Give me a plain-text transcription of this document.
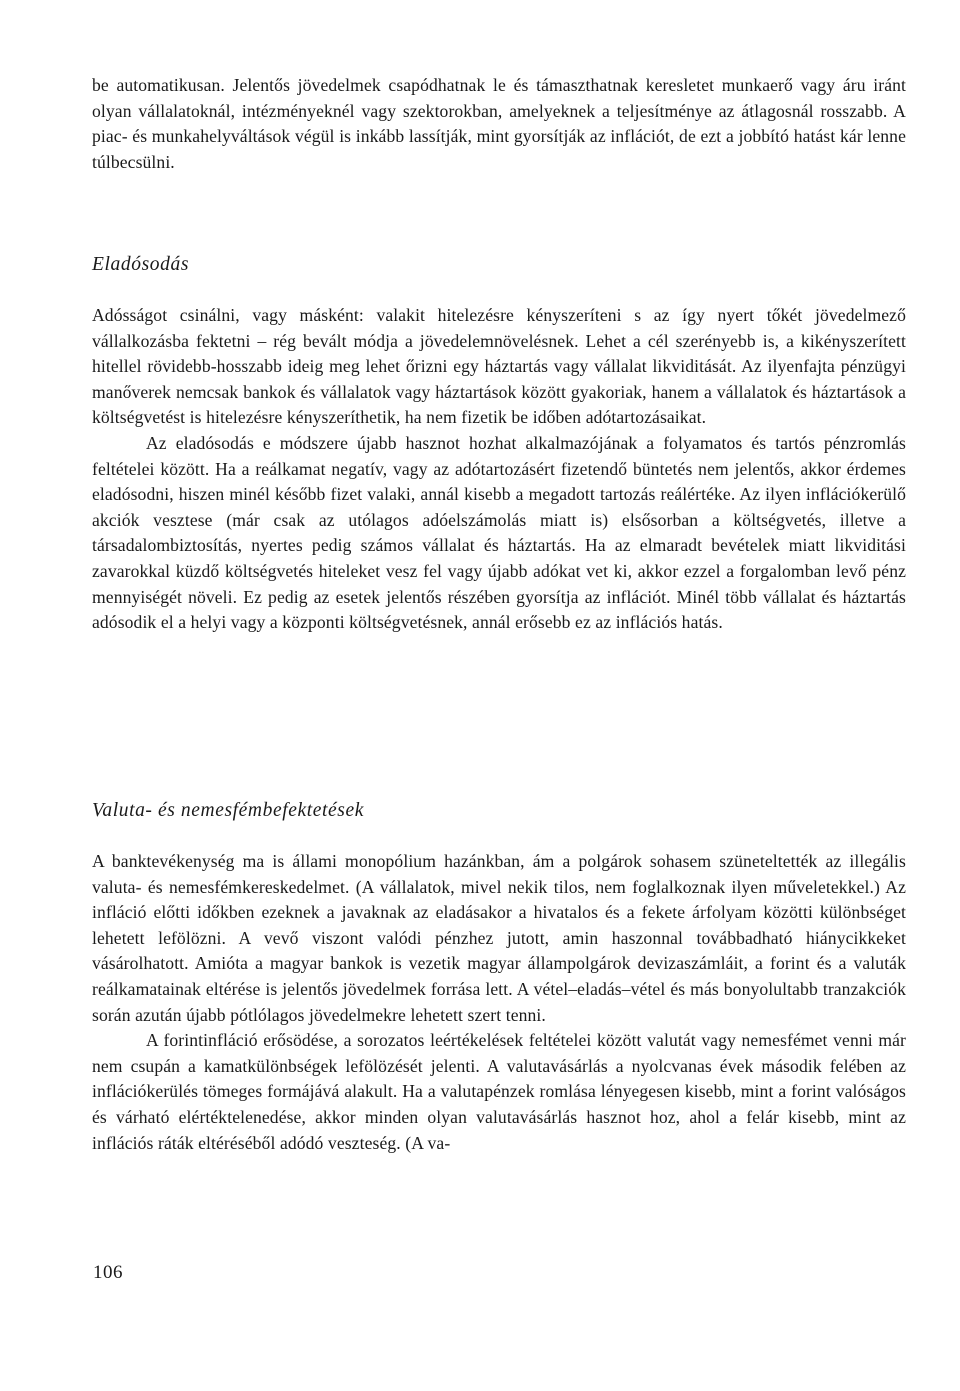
be automatikusan. Jelentős jövedelmek csapódhatnak le és támaszthatnak keresletet munkaerő vagy áru iránt olyan vállalatoknál, intézményeknél vagy szektorokban, amelyeknek a teljesítménye az átlagosnál rosszabb. A piac- és munkahelyváltások végül is inkább lassítják, mint gyorsítják az inflációt, de ezt a jobbító hatást kár lenne túlbecsülni.

Eladósodás

Adósságot csinálni, vagy másként: valakit hitelezésre kényszeríteni s az így nyert tőkét jövedelmező vállalkozásba fektetni – rég bevált módja a jövedelemnövelésnek. Lehet a cél szerényebb is, a kikényszerített hitellel rövidebb-hosszabb ideig meg lehet őrizni egy háztartás vagy vállalat likviditását. Az ilyenfajta pénzügyi manőverek nemcsak bankok és vállalatok vagy háztartások között gyakoriak, hanem a vállalatok és háztartások a költségvetést is hitelezésre kényszeríthetik, ha nem fizetik be időben adótartozásaikat.

Az eladósodás e módszere újabb hasznot hozhat alkalmazójának a folyamatos és tartós pénzromlás feltételei között. Ha a reálkamat negatív, vagy az adótartozásért fizetendő büntetés nem jelentős, akkor érdemes eladósodni, hiszen minél később fizet valaki, annál kisebb a megadott tartozás reálértéke. Az ilyen inflációkerülő akciók vesztese (már csak az utólagos adóelszámolás miatt is) elsősorban a költségvetés, illetve a társadalombiztosítás, nyertes pedig számos vállalat és háztartás. Ha az elmaradt bevételek miatt likviditási zavarokkal küzdő költségvetés hiteleket vesz fel vagy újabb adókat vet ki, akkor ezzel a forgalomban levő pénz mennyiségét növeli. Ez pedig az esetek jelentős részében gyorsítja az inflációt. Minél több vállalat és háztartás adósodik el a helyi vagy a központi költségvetésnek, annál erősebb ez az inflációs hatás.

Valuta- és nemesfémbefektetések

A banktevékenység ma is állami monopólium hazánkban, ám a polgárok sohasem szüneteltették az illegális valuta- és nemesfémkereskedelmet. (A vállalatok, mivel nekik tilos, nem foglalkoznak ilyen műveletekkel.) Az infláció előtti időkben ezeknek a javaknak az eladásakor a hivatalos és a fekete árfolyam közötti különbséget lehetett lefölözni. A vevő viszont valódi pénzhez jutott, amin haszonnal továbbadható hiánycikkeket vásárolhatott. Amióta a magyar bankok is vezetik magyar állampolgárok devizaszámláit, a forint és a valuták reálkamatainak eltérése is jelentős jövedelmek forrása lett. A vétel–eladás–vétel és más bonyolultabb tranzakciók során azután újabb pótlólagos jövedelmekre lehetett szert tenni.

A forintinfláció erősödése, a sorozatos leértékelések feltételei között valutát vagy nemesfémet venni már nem csupán a kamatkülönbségek lefölözését jelenti. A valutavásárlás a nyolcvanas évek második felében az inflációkerülés tömeges formájává alakult. Ha a valutapénzek romlása lényegesen kisebb, mint a forint valóságos és várható elértéktelenedése, akkor minden olyan valutavásárlás hasznot hoz, ahol a felár kisebb, mint az inflációs ráták eltéréséből adódó veszteség. (A va-

106
